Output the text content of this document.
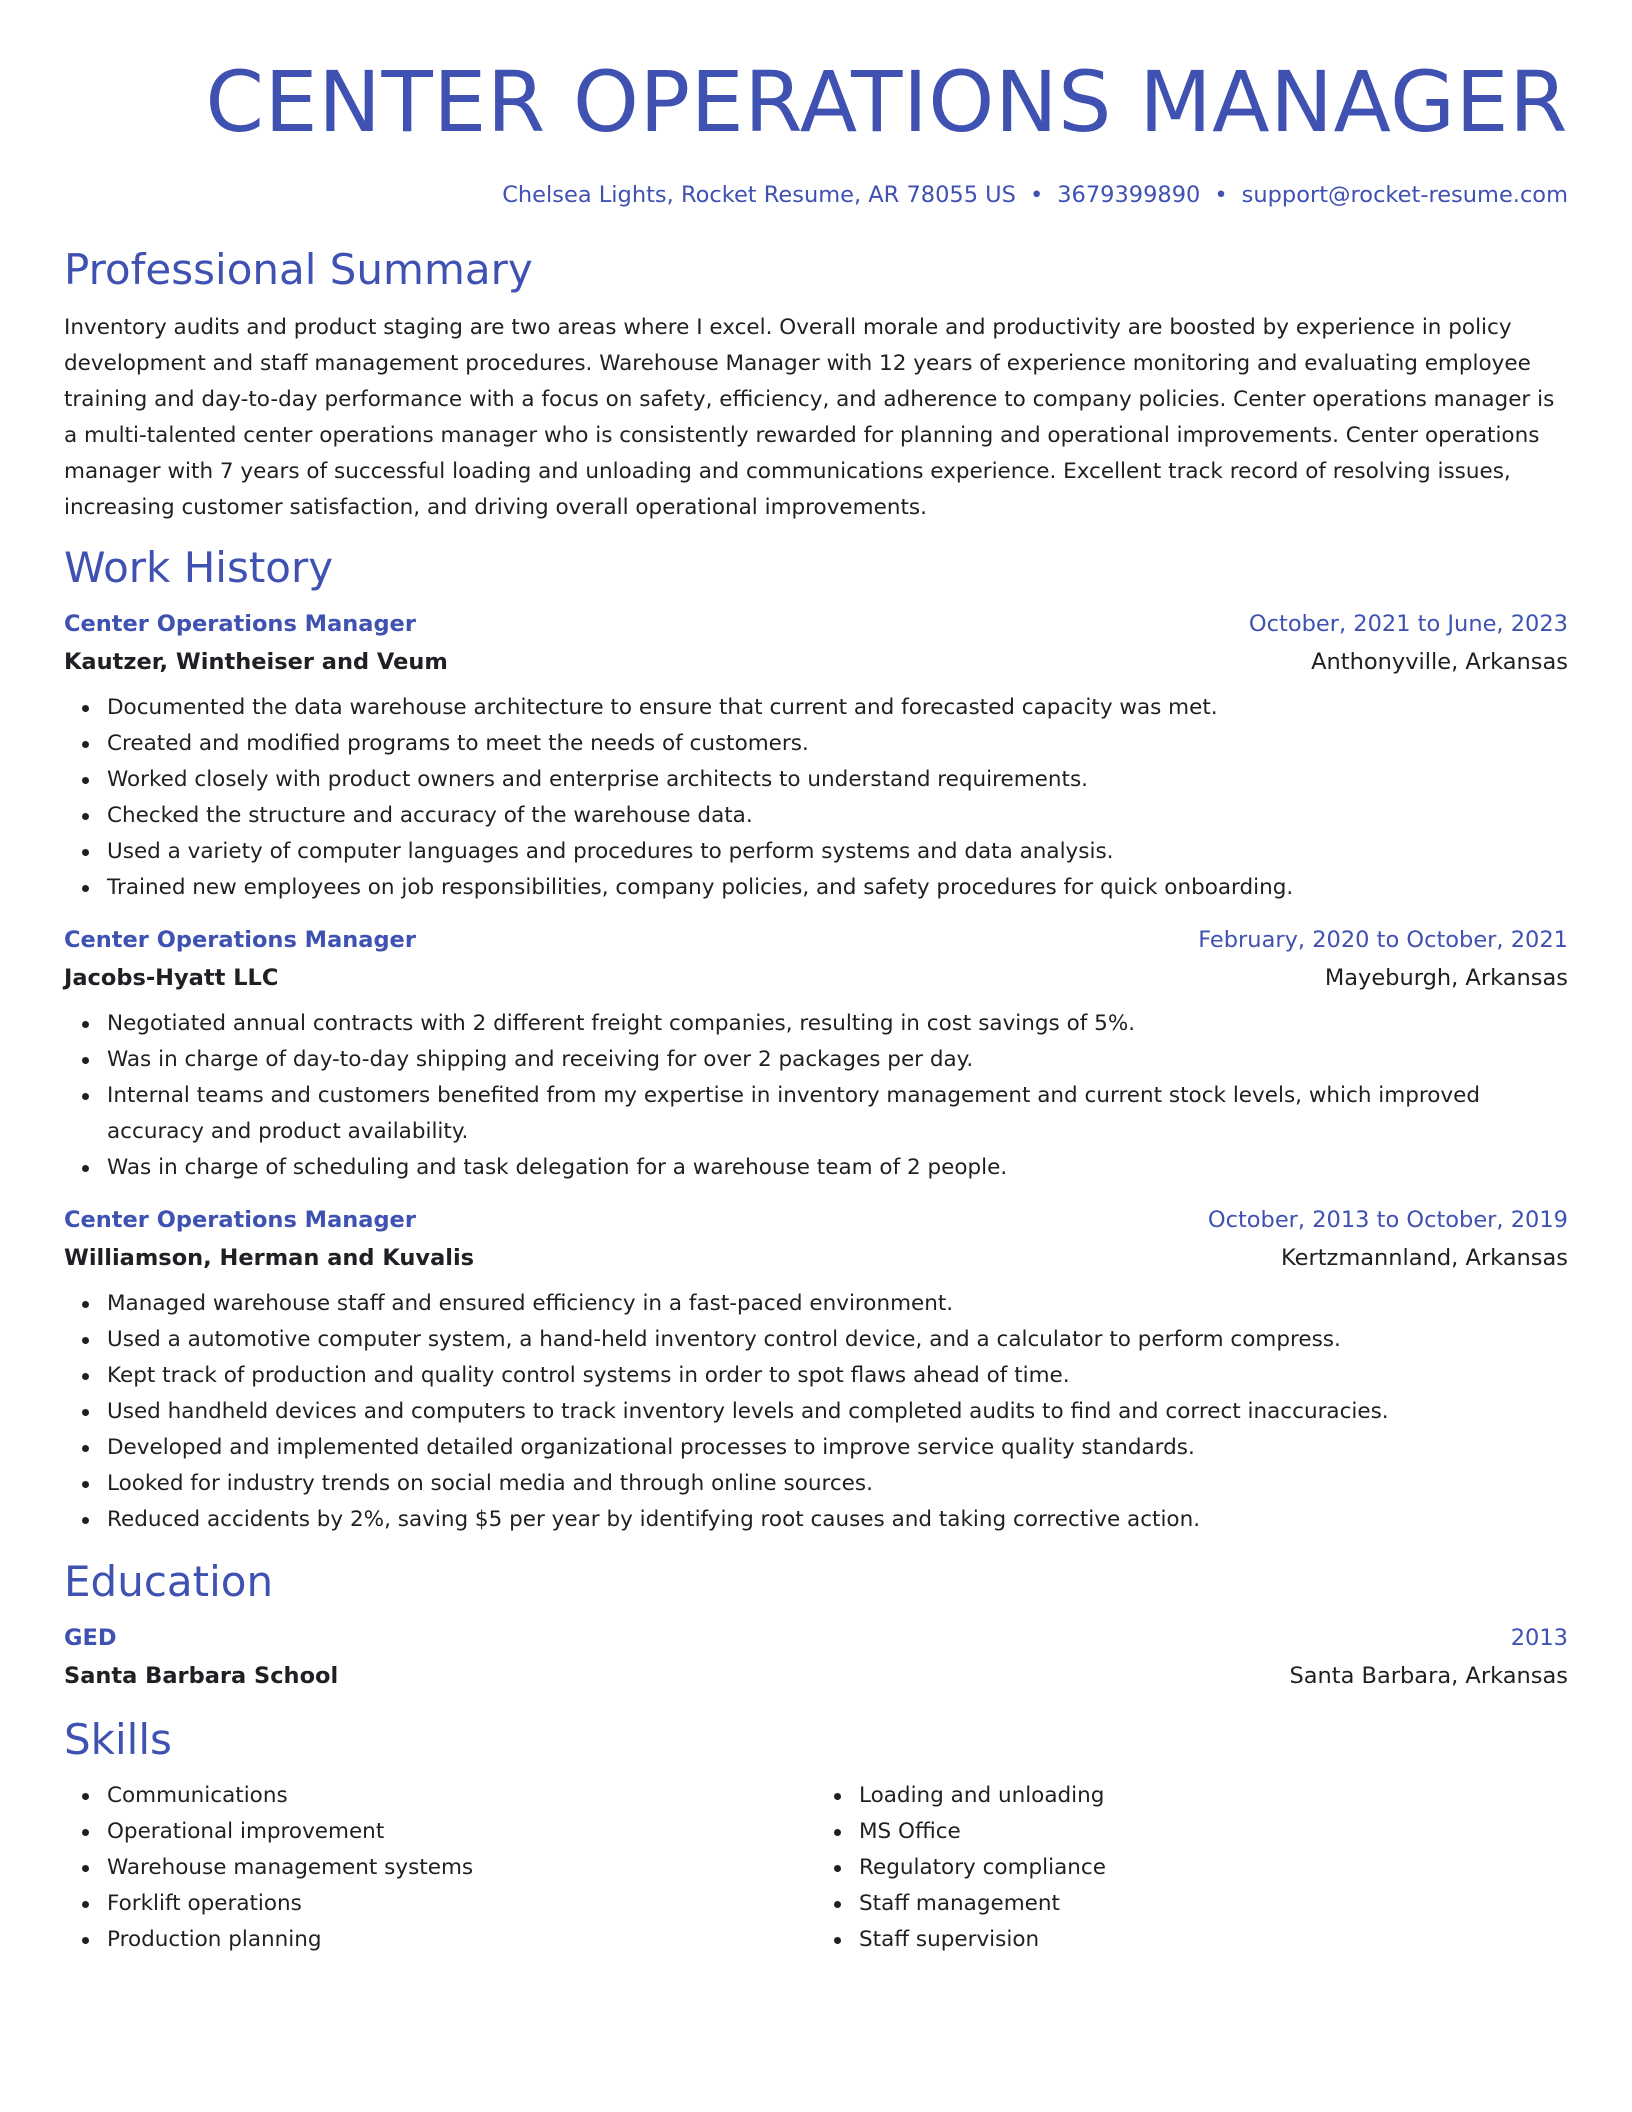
CENTER OPERATIONS MANAGER
Chelsea Lights, Rocket Resume, AR 78055 US • 3679399890 • support@rocket-resume.com
Professional Summary

Inventory audits and product staging are two areas where I excel. Overall morale and productivity are boosted by experience in policy development and staff management procedures. Warehouse Manager with 12 years of experience monitoring and evaluating employee training and day-to-day performance with a focus on safety, efficiency, and adherence to company policies. Center operations manager is a multi-talented center operations manager who is consistently rewarded for planning and operational improvements. Center operations manager with 7 years of successful loading and unloading and communications experience. Excellent track record of resolving issues, increasing customer satisfaction, and driving overall operational improvements.

Work History
Center Operations Manager	October, 2021 to June, 2023
Kautzer, Wintheiser and Veum	Anthonyville, Arkansas
Documented the data warehouse architecture to ensure that current and forecasted capacity was met.
Created and modified programs to meet the needs of customers.
Worked closely with product owners and enterprise architects to understand requirements.
Checked the structure and accuracy of the warehouse data.
Used a variety of computer languages and procedures to perform systems and data analysis.
Trained new employees on job responsibilities, company policies, and safety procedures for quick onboarding.
Center Operations Manager	February, 2020 to October, 2021
Jacobs-Hyatt LLC	Mayeburgh, Arkansas
Negotiated annual contracts with 2 different freight companies, resulting in cost savings of 5%.
Was in charge of day-to-day shipping and receiving for over 2 packages per day.
Internal teams and customers benefited from my expertise in inventory management and current stock levels, which improved accuracy and product availability.
Was in charge of scheduling and task delegation for a warehouse team of 2 people.
Center Operations Manager	October, 2013 to October, 2019
Williamson, Herman and Kuvalis	Kertzmannland, Arkansas
Managed warehouse staff and ensured efficiency in a fast-paced environment.
Used a automotive computer system, a hand-held inventory control device, and a calculator to perform compress.
Kept track of production and quality control systems in order to spot flaws ahead of time.
Used handheld devices and computers to track inventory levels and completed audits to find and correct inaccuracies.
Developed and implemented detailed organizational processes to improve service quality standards.
Looked for industry trends on social media and through online sources.
Reduced accidents by 2%, saving $5 per year by identifying root causes and taking corrective action.
Education
GED	2013
Santa Barbara School	Santa Barbara, Arkansas
Skills
Communications
Operational improvement
Warehouse management systems
Forklift operations
Production planning
Loading and unloading
MS Office
Regulatory compliance
Staff management
Staff supervision
